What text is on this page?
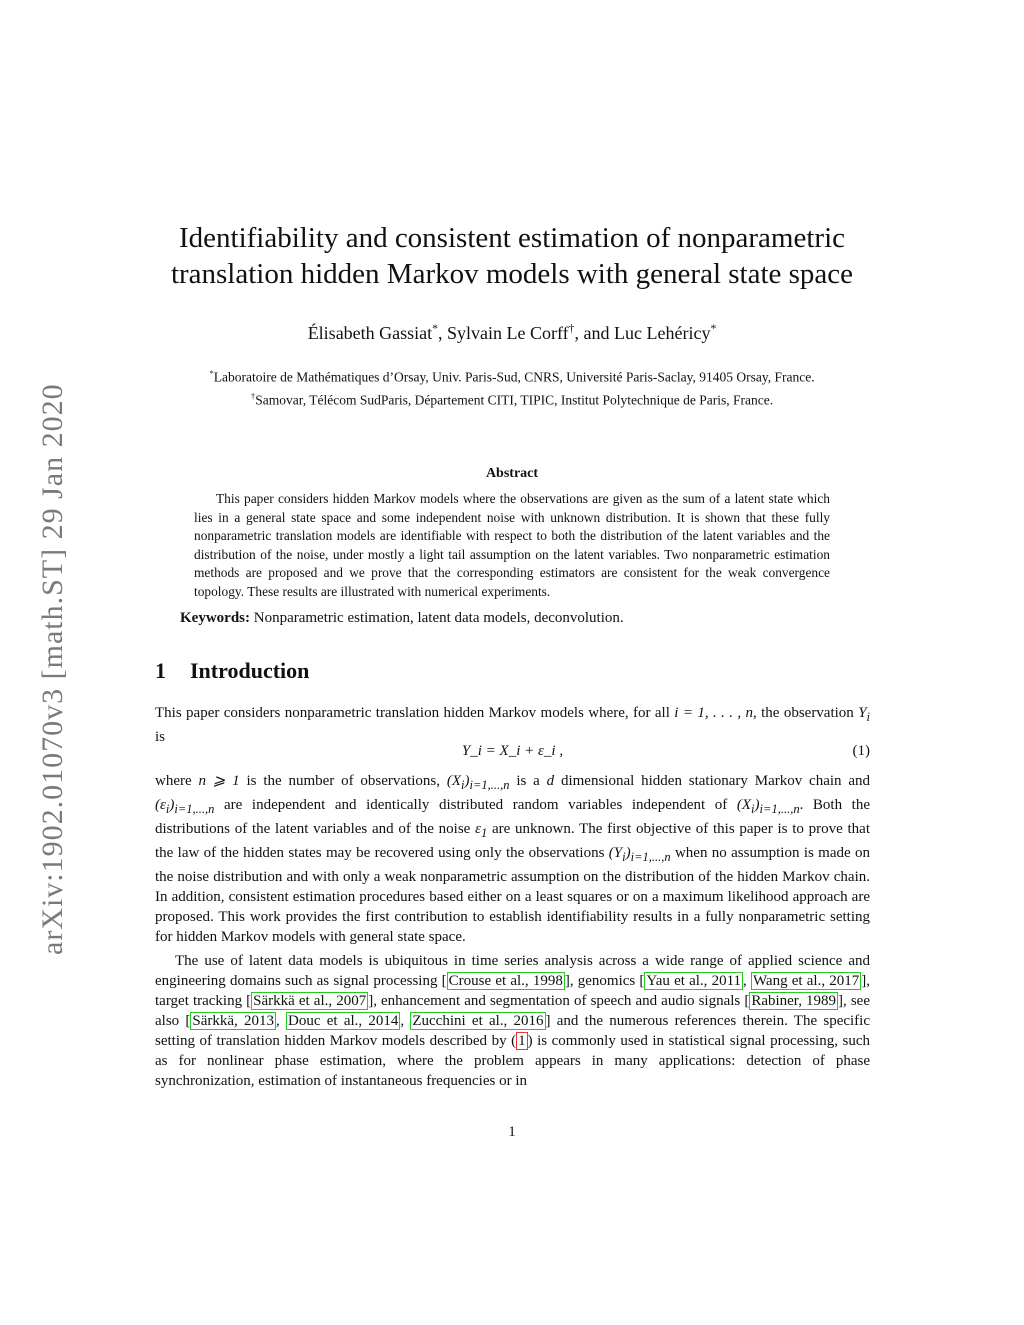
arXiv:1902.01070v3 [math.ST] 29 Jan 2020
Identifiability and consistent estimation of nonparametric
translation hidden Markov models with general state space
Élisabeth Gassiat*, Sylvain Le Corff†, and Luc Lehéricy*
*Laboratoire de Mathématiques d’Orsay, Univ. Paris-Sud, CNRS, Université Paris-Saclay, 91405 Orsay, France.
†Samovar, Télécom SudParis, Département CITI, TIPIC, Institut Polytechnique de Paris, France.
Abstract

This paper considers hidden Markov models where the observations are given as the sum of a latent state which lies in a general state space and some independent noise with unknown distribution. It is shown that these fully nonparametric translation models are identifiable with respect to both the distribution of the latent variables and the distribution of the noise, under mostly a light tail assumption on the latent variables. Two nonparametric estimation methods are proposed and we prove that the corresponding estimators are consistent for the weak convergence topology. These results are illustrated with numerical experiments.

Keywords: Nonparametric estimation, latent data models, deconvolution.
1 Introduction

This paper considers nonparametric translation hidden Markov models where, for all i = 1, . . . , n, the observation $Y_i$ is

Y_i = X_i + ε_i ,	(1)

where n ⩾ 1 is the number of observations, $(X_i)_{i=1,...,n}$ is a d dimensional hidden stationary Markov chain and $(\varepsilon_i)_{i=1,...,n}$ are independent and identically distributed random variables independent of $(X_i)_{i=1,...,n}$. Both the distributions of the latent variables and of the noise $\varepsilon_1$ are unknown. The first objective of this paper is to prove that the law of the hidden states may be recovered using only the observations $(Y_i)_{i=1,...,n}$ when no assumption is made on the noise distribution and with only a weak nonparametric assumption on the distribution of the hidden Markov chain. In addition, consistent estimation procedures based either on a least squares or on a maximum likelihood approach are proposed. This work provides the first contribution to establish identifiability results in a fully nonparametric setting for hidden Markov models with general state space.

The use of latent data models is ubiquitous in time series analysis across a wide range of applied science and engineering domains such as signal processing [ Crouse et al., 1998 ], genomics [ Yau et al., 2011 , Wang et al., 2017 ], target tracking [ Särkkä et al., 2007 ], enhancement and segmentation of speech and audio signals [ Rabiner, 1989 ], see also [ Särkkä, 2013 , Douc et al., 2014 , Zucchini et al., 2016 ] and the numerous references therein. The specific setting of translation hidden Markov models described by ( 1 ) is commonly used in statistical signal processing, such as for nonlinear phase estimation, where the problem appears in many applications: detection of phase synchronization, estimation of instantaneous frequencies or in

1
